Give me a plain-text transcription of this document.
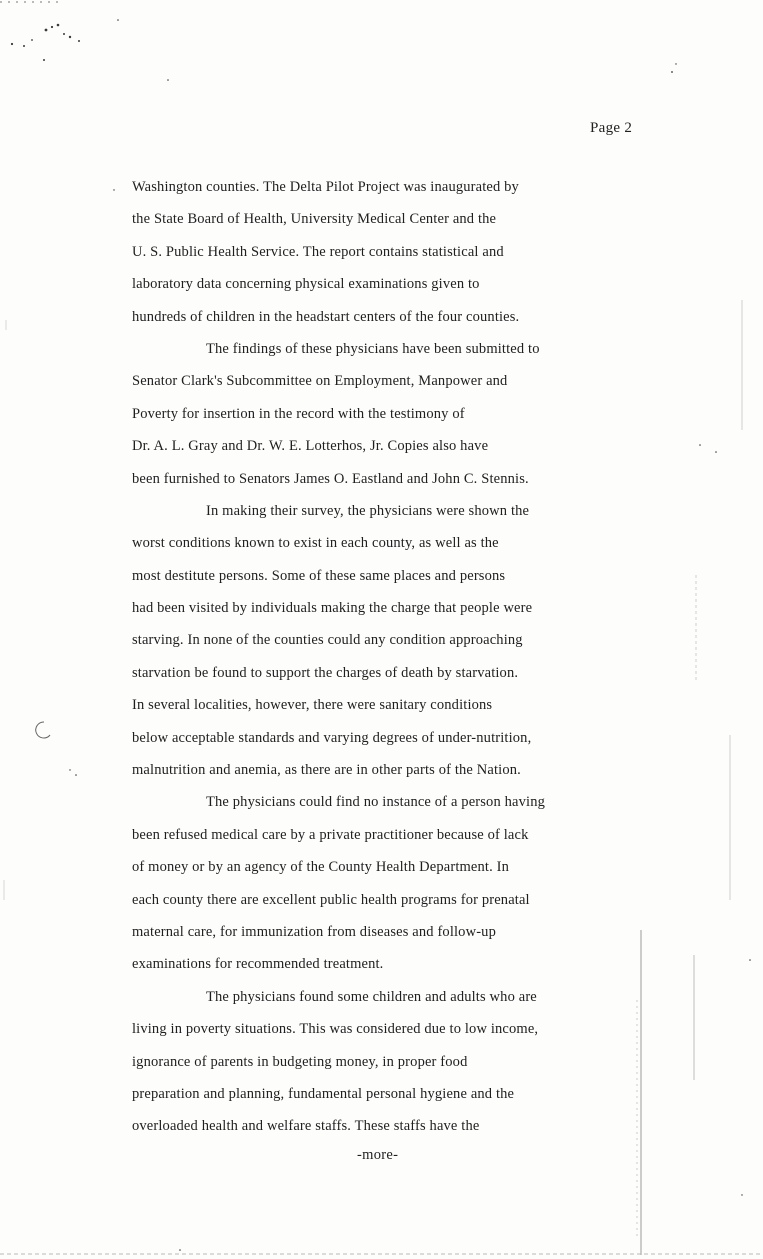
Page 2
Washington counties. The Delta Pilot Project was inaugurated by
the State Board of Health, University Medical Center and the
U. S. Public Health Service. The report contains statistical and
laboratory data concerning physical examinations given to
hundreds of children in the headstart centers of the four counties.
The findings of these physicians have been submitted to
Senator Clark's Subcommittee on Employment, Manpower and
Poverty for insertion in the record with the testimony of
Dr. A. L. Gray and Dr. W. E. Lotterhos, Jr. Copies also have
been furnished to Senators James O. Eastland and John C. Stennis.
In making their survey, the physicians were shown the
worst conditions known to exist in each county, as well as the
most destitute persons. Some of these same places and persons
had been visited by individuals making the charge that people were
starving. In none of the counties could any condition approaching
starvation be found to support the charges of death by starvation.
In several localities, however, there were sanitary conditions
below acceptable standards and varying degrees of under-nutrition,
malnutrition and anemia, as there are in other parts of the Nation.
The physicians could find no instance of a person having
been refused medical care by a private practitioner because of lack
of money or by an agency of the County Health Department. In
each county there are excellent public health programs for prenatal
maternal care, for immunization from diseases and follow-up
examinations for recommended treatment.
The physicians found some children and adults who are
living in poverty situations. This was considered due to low income,
ignorance of parents in budgeting money, in proper food
preparation and planning, fundamental personal hygiene and the
overloaded health and welfare staffs. These staffs have the
-more-
